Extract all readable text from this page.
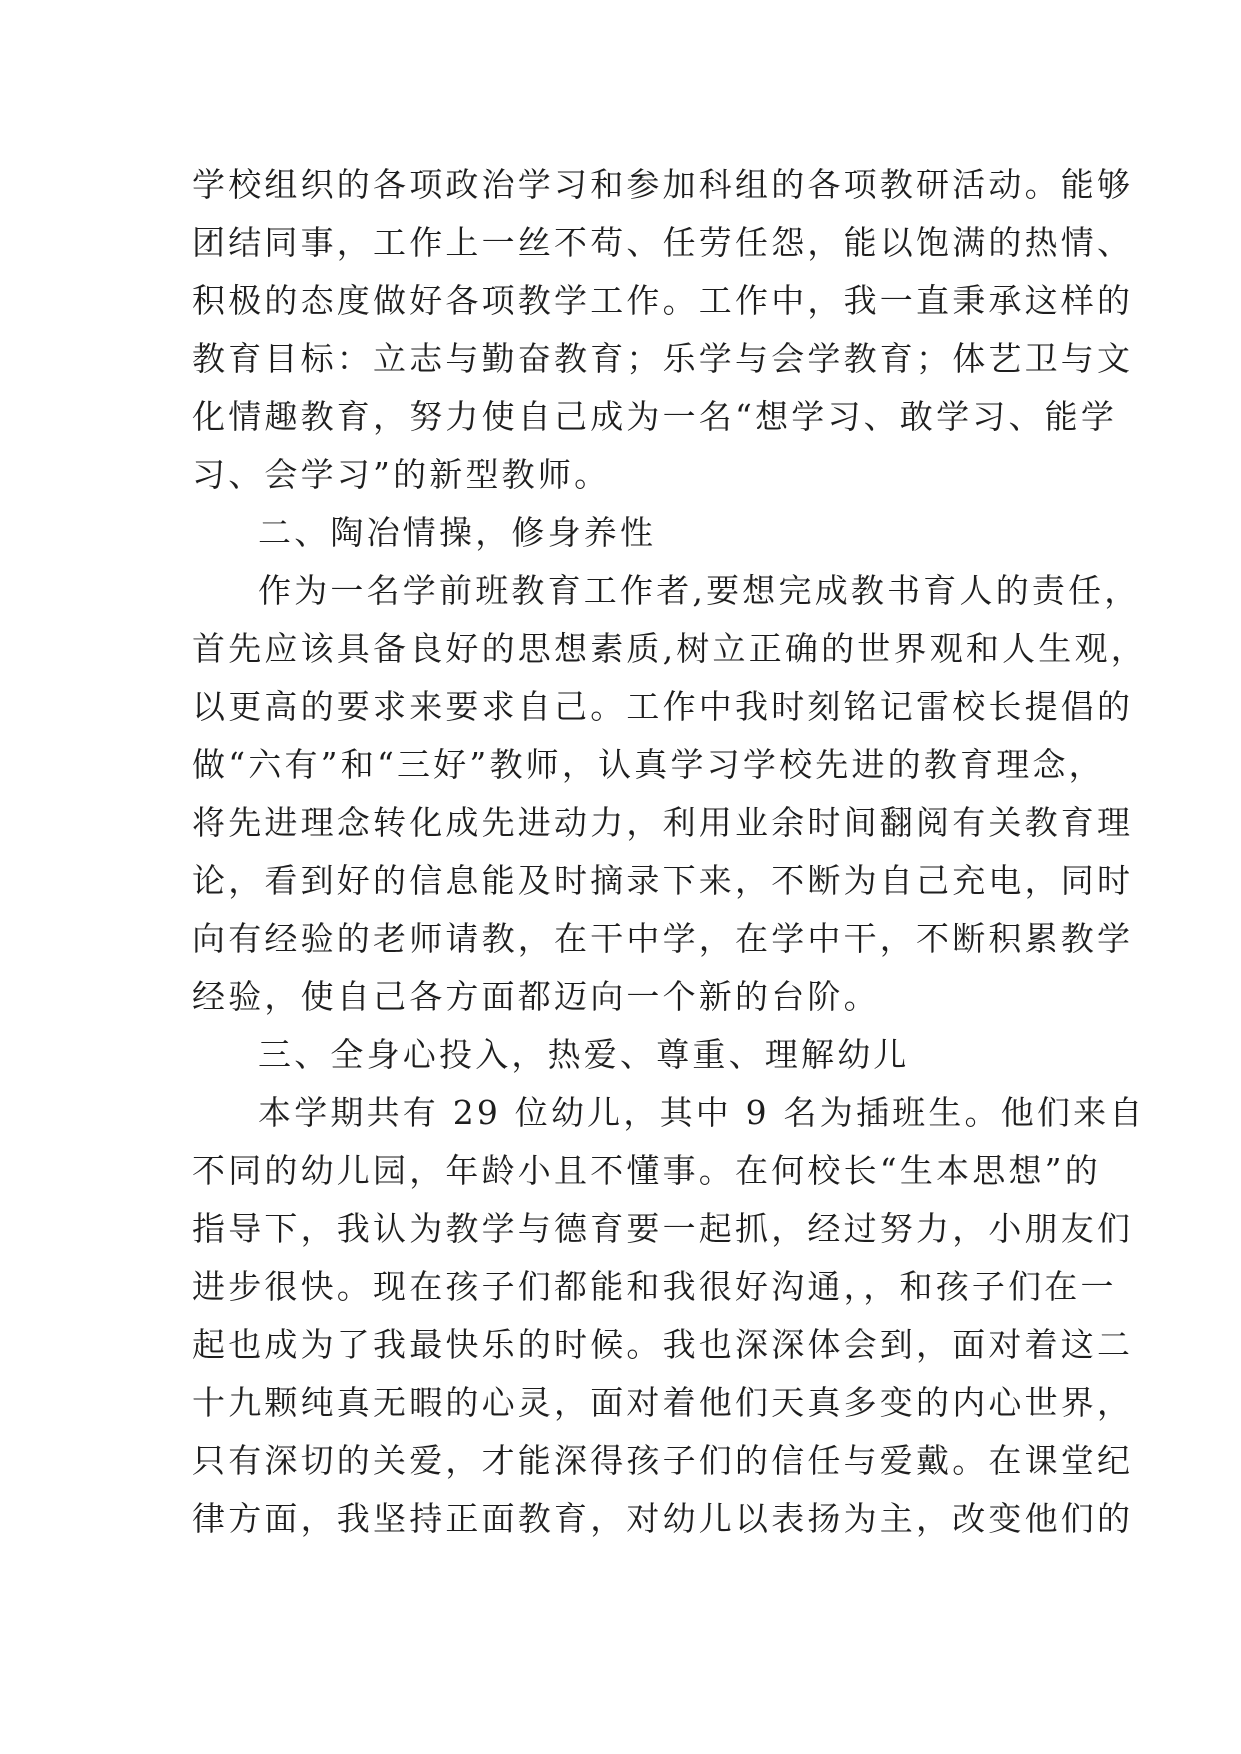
学校组织的各项政治学习和参加科组的各项教研活动。能够
团结同事，工作上一丝不苟、任劳任怨，能以饱满的热情、
积极的态度做好各项教学工作。工作中，我一直秉承这样的
教育目标：立志与勤奋教育；乐学与会学教育；体艺卫与文
化情趣教育，努力使自己成为一名“想学习、敢学习、能学
习、会学习”的新型教师。
二、陶冶情操，修身养性
作为一名学前班教育工作者,要想完成教书育人的责任，
首先应该具备良好的思想素质,树立正确的世界观和人生观，
以更高的要求来要求自己。工作中我时刻铭记雷校长提倡的
做“六有”和“三好”教师，认真学习学校先进的教育理念，
将先进理念转化成先进动力，利用业余时间翻阅有关教育理
论，看到好的信息能及时摘录下来，不断为自己充电，同时
向有经验的老师请教，在干中学，在学中干，不断积累教学
经验，使自己各方面都迈向一个新的台阶。
三、全身心投入，热爱、尊重、理解幼儿
本学期共有 29 位幼儿，其中 9 名为插班生。他们来自
不同的幼儿园，年龄小且不懂事。在何校长“生本思想”的
指导下，我认为教学与德育要一起抓，经过努力，小朋友们
进步很快。现在孩子们都能和我很好沟通，，和孩子们在一
起也成为了我最快乐的时候。我也深深体会到，面对着这二
十九颗纯真无暇的心灵，面对着他们天真多变的内心世界，
只有深切的关爱，才能深得孩子们的信任与爱戴。在课堂纪
律方面，我坚持正面教育，对幼儿以表扬为主，改变他们的
